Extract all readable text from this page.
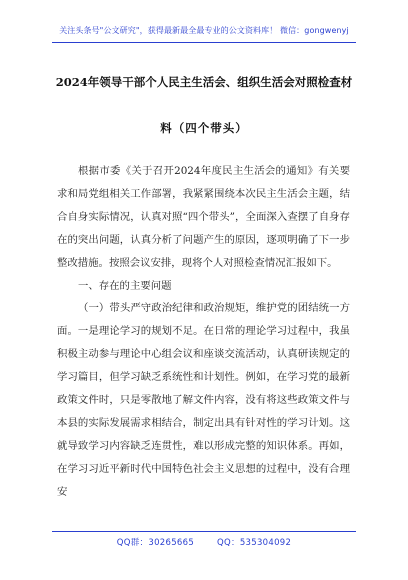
关注头条号"公文研究"，获得最新最全最专业的公文资料库！ 微信：gongwenyj
2024年领导干部个人民主生活会、组织生活会对照检查材
料（四个带头）

根据市委《关于召开2024年度民主生活会的通知》有关要求和局党组相关工作部署，我紧紧围绕本次民主生活会主题，结合自身实际情况，认真对照“四个带头”，全面深入查摆了自身存在的突出问题，认真分析了问题产生的原因，逐项明确了下一步整改措施。按照会议安排，现将个人对照检查情况汇报如下。

一、存在的主要问题

（一）带头严守政治纪律和政治规矩，维护党的团结统一方面。一是理论学习的规划不足。在日常的理论学习过程中，我虽积极主动参与理论中心组会议和座谈交流活动，认真研读规定的学习篇目，但学习缺乏系统性和计划性。例如，在学习党的最新政策文件时，只是零散地了解文件内容，没有将这些政策文件与本县的实际发展需求相结合，制定出具有针对性的学习计划。这就导致学习内容缺乏连贯性，难以形成完整的知识体系。再如，在学习习近平新时代中国特色社会主义思想的过程中，没有合理安

QQ群：30265665	QQ：535304092
